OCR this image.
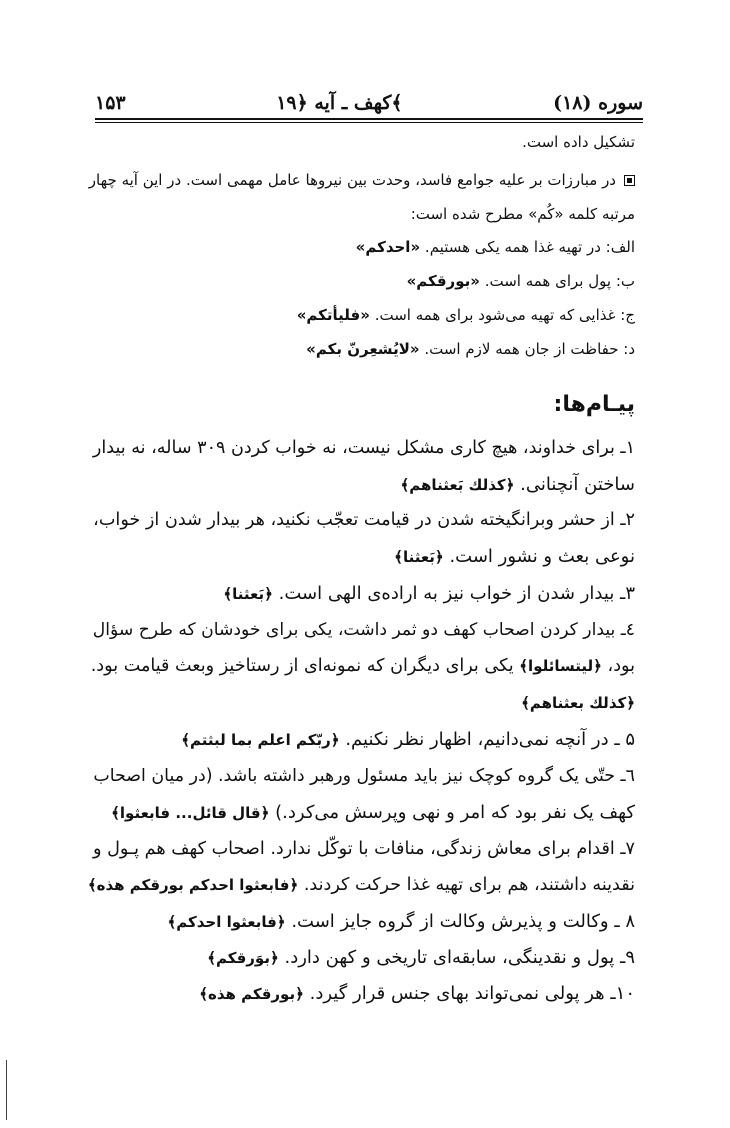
سوره (۱۸)
کهف ـ آیه ﴿۱۹﴾
۱۵۳
تشکیل داده است.
در مبارزات بر علیه جوامع فاسد، وحدت بین نیروها عامل مهمی است. در این آیه چهار
مرتبه کلمه «کُم» مطرح شده است:
الف: در تهیه غذا همه یکی هستیم. «احدکم»
ب: پول برای همه است. «بورقکم»
ج: غذایی که تهیه می‌شود برای همه است. «فلیأتکم»
د: حفاظت از جان همه لازم است. «لایُشعِرنّ بکم»
پیـام‌ها:
۱ـ برای خداوند، هیچ کاری مشکل نیست، نه خواب کردن ۳۰۹ ساله، نه بیدار
ساختن آنچنانی. ﴿کذلك بَعثناهم﴾
۲ـ از حشر وبرانگیخته شدن در قیامت تعجّب نکنید، هر بیدار شدن از خواب،
نوعی بعث و نشور است. ﴿بَعثنا﴾
۳ـ بیدار شدن از خواب نیز به اراده‌ی الهی است. ﴿بَعثنا﴾
٤ـ بیدار کردن اصحاب کهف دو ثمر داشت، یکی برای خودشان که طرح سؤال
بود، ﴿لیتسائلوا﴾ یکی برای دیگران که نمونه‌ای از رستاخیز وبعث قیامت بود.
﴿کذلك بعثناهم﴾
۵ ـ در آنچه نمی‌دانیم، اظهار نظر نکنیم. ﴿ربّکم اعلم بما لبثتم﴾
٦ـ حتّی یک گروه کوچک نیز باید مسئول ورهبر داشته باشد. (در میان اصحاب
کهف یک نفر بود که امر و نهی وپرسش می‌کرد.) ﴿قال قائل... فابعثوا﴾
۷ـ اقدام برای معاش زندگی، منافات با توکّل ندارد. اصحاب کهف هم پـول و
نقدینه داشتند، هم برای تهیه غذا حرکت کردند. ﴿فابعثوا احدکم بورقکم هذه﴾
۸ ـ وکالت و پذیرش وکالت از گروه جایز است. ﴿فابعثوا احدکم﴾
۹ـ پول و نقدینگی، سابقه‌ای تاریخی و کهن دارد. ﴿بوَرقکم﴾
۱۰ـ هر پولی نمی‌تواند بهای جنس قرار گیرد. ﴿بورقکم هذه﴾
